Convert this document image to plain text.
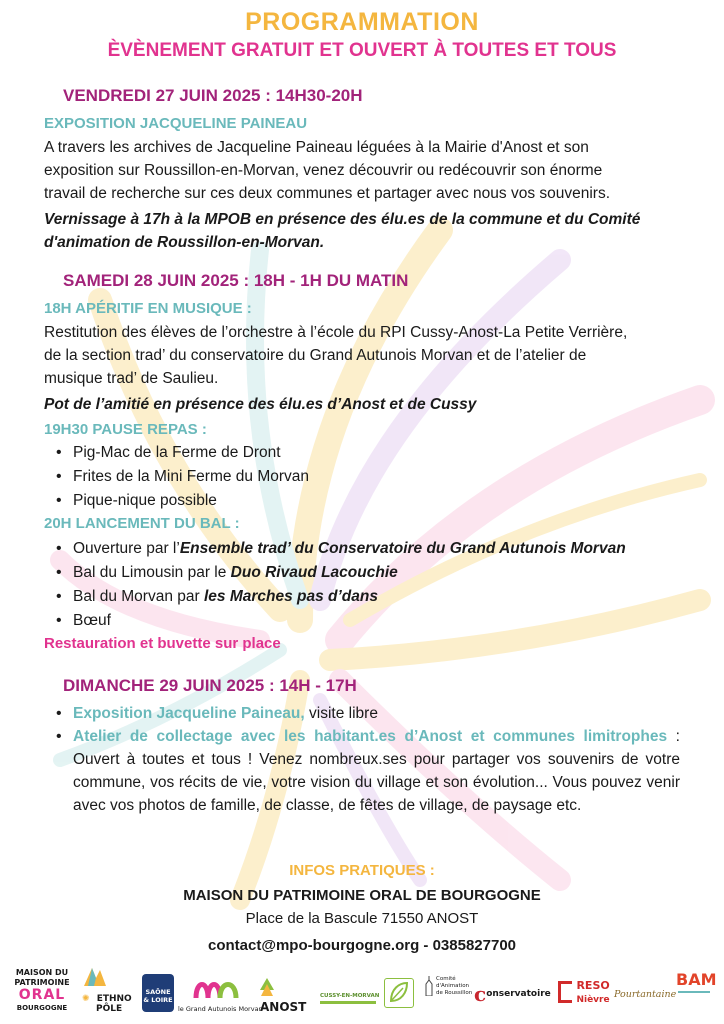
PROGRAMMATION
ÈVÈNEMENT GRATUIT ET OUVERT À TOUTES ET TOUS
VENDREDI 27 JUIN 2025 : 14H30-20H
EXPOSITION JACQUELINE PAINEAU
A travers les archives de Jacqueline Paineau léguées à la Mairie d'Anost et son
exposition sur Roussillon-en-Morvan, venez découvrir ou redécouvrir son énorme
travail de recherche sur ces deux communes et partager avec nous vos souvenirs.
Vernissage à 17h à la MPOB en présence des élu.es de la commune et du Comité
d'animation de Roussillon-en-Morvan.
SAMEDI 28 JUIN 2025 : 18H - 1H DU MATIN
18H APÉRITIF EN MUSIQUE :
Restitution des élèves de l’orchestre à l’école du RPI Cussy-Anost-La Petite Verrière,
de la section trad’ du conservatoire du Grand Autunois Morvan et de l’atelier de
musique trad’ de Saulieu.
Pot de l’amitié en présence des élu.es d’Anost et de Cussy
19H30 PAUSE REPAS :
• Pig-Mac de la Ferme de Dront
• Frites de la Mini Ferme du Morvan
• Pique-nique possible
20H LANCEMENT DU BAL :
• Ouverture par l’Ensemble trad’ du Conservatoire du Grand Autunois Morvan
• Bal du Limousin par le Duo Rivaud Lacouchie
• Bal du Morvan par les Marches pas d’dans
• Bœuf
Restauration et buvette sur place
DIMANCHE 29 JUIN 2025 : 14H - 17H
• Exposition Jacqueline Paineau, visite libre
• Atelier de collectage avec les habitant.es d’Anost et communes limitrophes : Ouvert à toutes et tous ! Venez nombreux.ses pour partager vos souvenirs de votre commune, vos récits de vie, votre vision du village et son évolution... Vous pouvez venir avec vos photos de famille, de classe, de fêtes de village, de paysage etc.
INFOS PRATIQUES :
MAISON DU PATRIMOINE ORAL DE BOURGOGNE
Place de la Bascule 71550 ANOST
contact@mpo-bourgogne.org - 0385827700
MAISON DU
PATRIMOINE
ORAL
BOURGOGNE
✺ ETHNO
PÔLE
SAÔNE
& LOIRE
le Grand Autunois Morvan
ANOST
CUSSY-EN-MORVAN
Comité
d'Animation
de Roussillon conservatoire
RESO
Nièvre Pourtantaine
BAM
